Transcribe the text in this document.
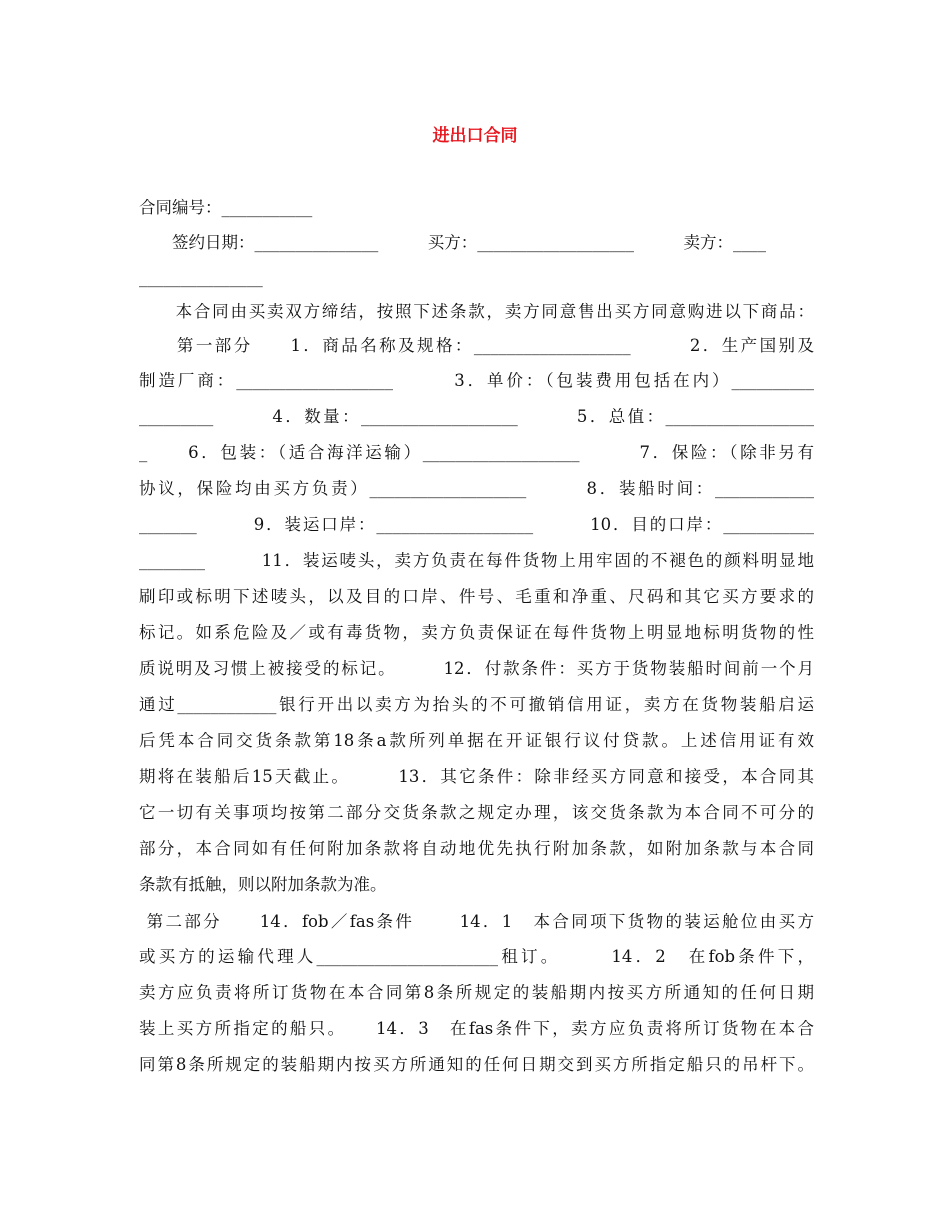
进出口合同
合同编号：___________
　　签约日期：_______________　　　买方：___________________　　　卖方：____
_______________
　　本合同由买卖双方缔结，按照下述条款，卖方同意售出买方同意购进以下商品：
　　第一部分　　1．商品名称及规格：___________________　　　2．生产国别及
制造厂商：___________________　　　3．单价：（包装费用包括在内）__________
_________　　　4．数量：___________________　　　5．总值：__________________
_　　6．包装：（适合海洋运输）___________________　　　7．保险：（除非另有
协议，保险均由买方负责）___________________　　　8．装船时间：____________
_______　　　9．装运口岸：___________________　　　10．目的口岸：___________
________　　　11．装运唛头，卖方负责在每件货物上用牢固的不褪色的颜料明显地
刷印或标明下述唛头，以及目的口岸、件号、毛重和净重、尺码和其它买方要求的
标记。如系危险及／或有毒货物，卖方负责保证在每件货物上明显地标明货物的性
质说明及习惯上被接受的标记。　　　12．付款条件：买方于货物装船时间前一个月
通过____________银行开出以卖方为抬头的不可撤销信用证，卖方在货物装船启运
后凭本合同交货条款第18条a款所列单据在开证银行议付贷款。上述信用证有效
期将在装船后15天截止。　　　13．其它条件：除非经买方同意和接受，本合同其
它一切有关事项均按第二部分交货条款之规定办理，该交货条款为本合同不可分的
部分，本合同如有任何附加条款将自动地优先执行附加条款，如附加条款与本合同
条款有抵触，则以附加条款为准。
第二部分　　14．fob／fas条件　　 14．1　本合同项下货物的装运舱位由买方
或买方的运输代理人______________________租订。　　　14．2　在fob条件下，
卖方应负责将所订货物在本合同第8条所规定的装船期内按买方所通知的任何日期
装上买方所指定的船只。　　14．3　在fas条件下，卖方应负责将所订货物在本合
同第8条所规定的装船期内按买方所通知的任何日期交到买方所指定船只的吊杆下。
